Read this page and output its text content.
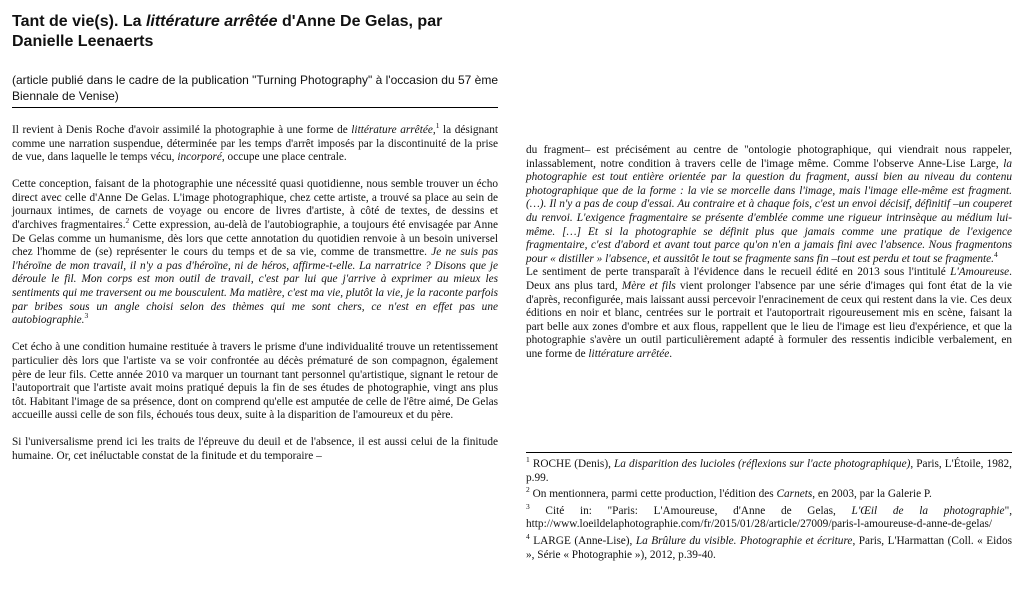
Tant de vie(s). La littérature arrêtée d'Anne De Gelas, par Danielle Leenaerts
(article publié dans le cadre de la publication "Turning Photography" à l'occasion du 57 ème Biennale de Venise)

Il revient à Denis Roche d'avoir assimilé la photographie à une forme de littérature arrêtée,$^1$ la désignant comme une narration suspendue, déterminée par les temps d'arrêt imposés par la discontinuité de la prise de vue, dans laquelle le temps vécu, incorporé, occupe une place centrale.

Cette conception, faisant de la photographie une nécessité quasi quotidienne, nous semble trouver un écho direct avec celle d'Anne De Gelas. L'image photographique, chez cette artiste, a trouvé sa place au sein de journaux intimes, de carnets de voyage ou encore de livres d'artiste, à côté de textes, de dessins et d'archives fragmentaires.$^2$ Cette expression, au-delà de l'autobiographie, a toujours été envisagée par Anne De Gelas comme un humanisme, dès lors que cette annotation du quotidien renvoie à un besoin universel chez l'homme de (se) représenter le cours du temps et de sa vie, comme de transmettre. Je ne suis pas l'héroïne de mon travail, il n'y a pas d'héroïne, ni de héros, affirme-t-elle. La narratrice ? Disons que je déroule le fil. Mon corps est mon outil de travail, c'est par lui que j'arrive à exprimer au mieux les sentiments qui me traversent ou me bousculent. Ma matière, c'est ma vie, plutôt la vie, je la raconte parfois par bribes sous un angle choisi selon des thèmes qui me sont chers, ce n'est en effet pas une autobiographie.$^3$

Cet écho à une condition humaine restituée à travers le prisme d'une individualité trouve un retentissement particulier dès lors que l'artiste va se voir confrontée au décès prématuré de son compagnon, également père de leur fils. Cette année 2010 va marquer un tournant tant personnel qu'artistique, signant le retour de l'autoportrait que l'artiste avait moins pratiqué depuis la fin de ses études de photographie, vingt ans plus tôt. Habitant l'image de sa présence, dont on comprend qu'elle est amputée de celle de l'être aimé, De Gelas accueille aussi celle de son fils, échoués tous deux, suite à la disparition de l'amoureux et du père.

Si l'universalisme prend ici les traits de l'épreuve du deuil et de l'absence, il est aussi celui de la finitude humaine. Or, cet inéluctable constat de la finitude et du temporaire –

du fragment– est précisément au centre de ''ontologie photographique, qui viendrait nous rappeler, inlassablement, notre condition à travers celle de l'image même. Comme l'observe Anne-Lise Large, la photographie est tout entière orientée par la question du fragment, aussi bien au niveau du contenu photographique que de la forme : la vie se morcelle dans l'image, mais l'image elle-même est fragment.(…). Il n'y a pas de coup d'essai. Au contraire et à chaque fois, c'est un envoi décisif, définitif –un couperet du renvoi. L'exigence fragmentaire se présente d'emblée comme une rigueur intrinsèque au médium lui-même. […] Et si la photographie se définit plus que jamais comme une pratique de l'exigence fragmentaire, c'est d'abord et avant tout parce qu'on n'en a jamais fini avec l'absence. Nous fragmentons pour « distiller » l'absence, et aussitôt le tout se fragmente sans fin –tout est perdu et tout se fragmente.$^4$

Le sentiment de perte transparaît à l'évidence dans le recueil édité en 2013 sous l'intitulé L'Amoureuse. Deux ans plus tard, Mère et fils vient prolonger l'absence par une série d'images qui font état de la vie d'après, reconfigurée, mais laissant aussi percevoir l'enracinement de ceux qui restent dans la vie. Ces deux éditions en noir et blanc, centrées sur le portrait et l'autoportrait rigoureusement mis en scène, faisant la part belle aux zones d'ombre et aux flous, rappellent que le lieu de l'image est lieu d'expérience, et que la photographie s'avère un outil particulièrement adapté à formuler des ressentis indicible verbalement, en une forme de littérature arrêtée.

$^1$ ROCHE (Denis), La disparition des lucioles (réflexions sur l'acte photographique), Paris, L'Étoile, 1982, p.99.
$^2$ On mentionnera, parmi cette production, l'édition des Carnets, en 2003, par la Galerie P.
$^3$ Cité in: "Paris: L'Amoureuse, d'Anne de Gelas, L'Œil de la photographie", http://www.loeildelaphotographie.com/fr/2015/01/28/article/27009/paris-l-amoureuse-d-anne-de-gelas/
$^4$ LARGE (Anne-Lise), La Brûlure du visible. Photographie et écriture, Paris, L'Harmattan (Coll. « Eidos », Série « Photographie »), 2012, p.39-40.
